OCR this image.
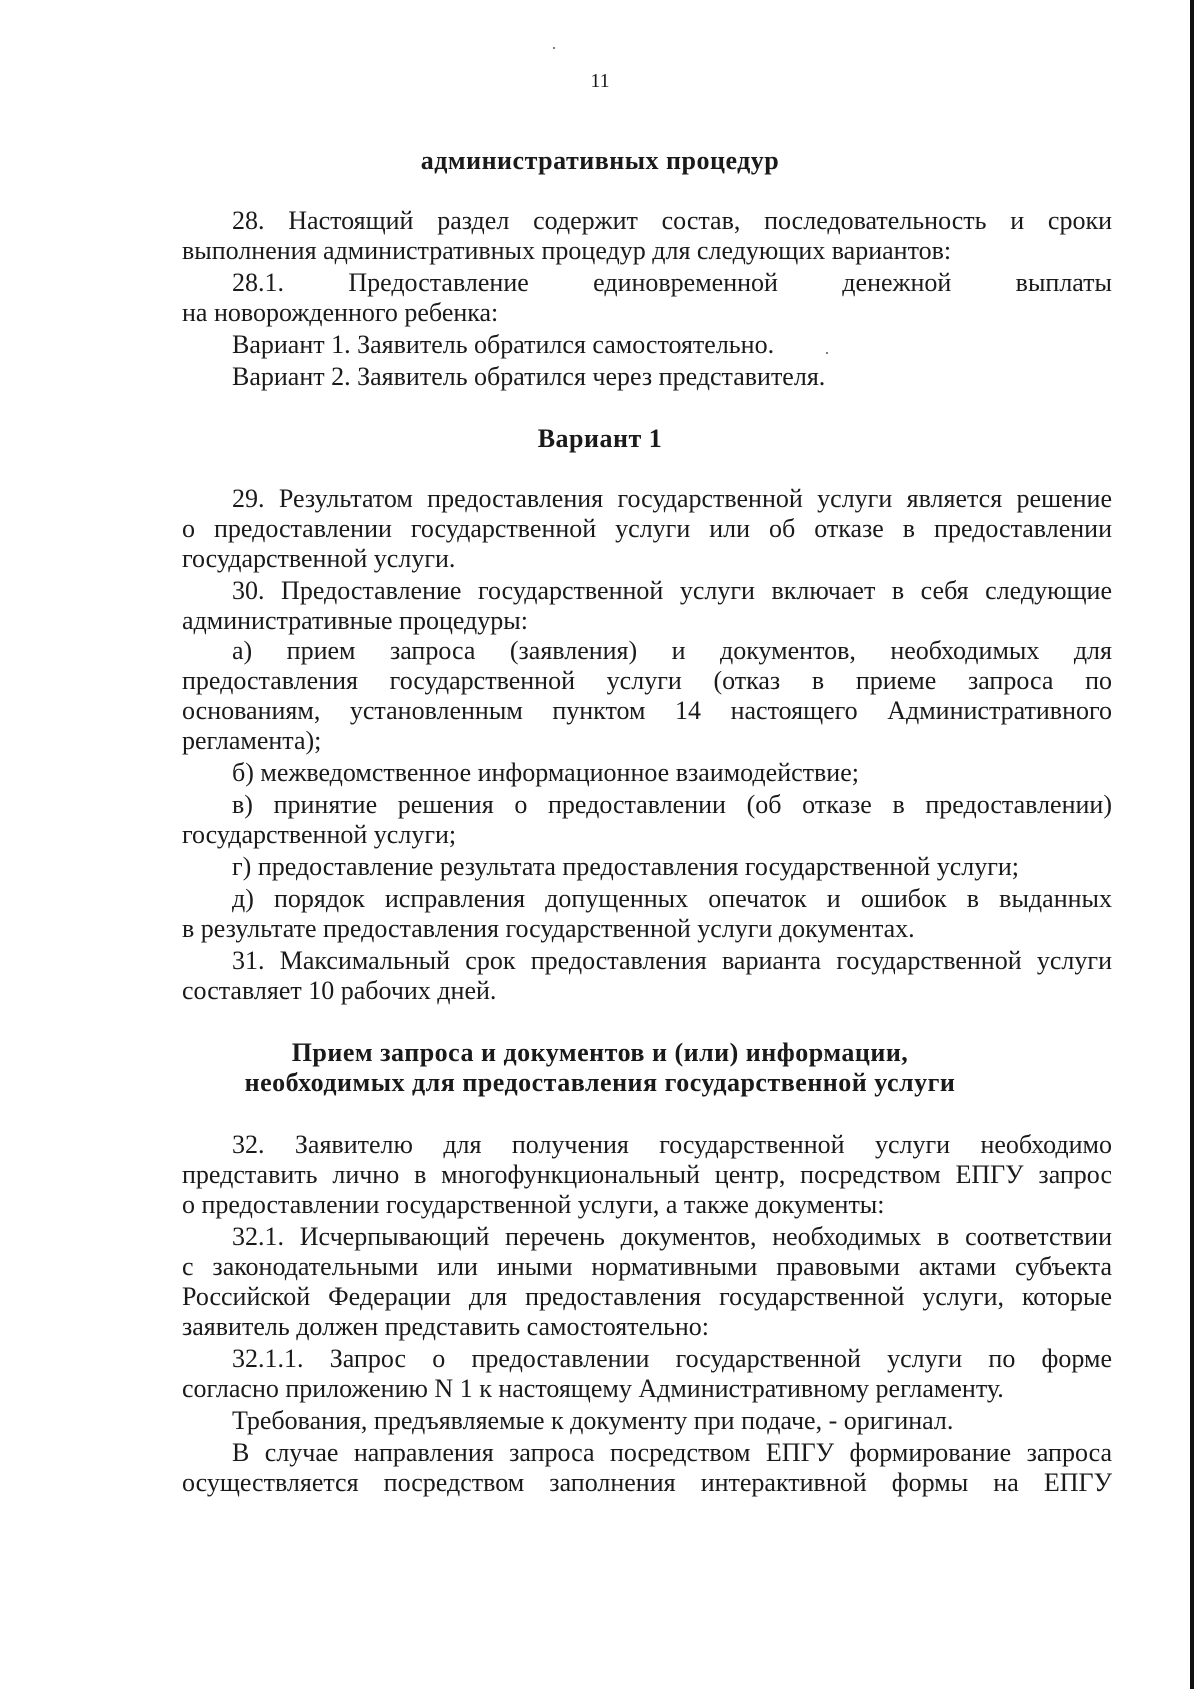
11
административных процедур
28. Настоящий раздел содержит состав, последовательность и сроки
выполнения административных процедур для следующих вариантов:
28.1. Предоставление единовременной денежной выплаты
на новорожденного ребенка:
Вариант 1. Заявитель обратился самостоятельно.
Вариант 2. Заявитель обратился через представителя.
Вариант 1
29. Результатом предоставления государственной услуги является решение
о предоставлении государственной услуги или об отказе в предоставлении
государственной услуги.
30. Предоставление государственной услуги включает в себя следующие
административные процедуры:
а) прием запроса (заявления) и документов, необходимых для
предоставления государственной услуги (отказ в приеме запроса по
основаниям, установленным пунктом 14 настоящего Административного
регламента);
б) межведомственное информационное взаимодействие;
в) принятие решения о предоставлении (об отказе в предоставлении)
государственной услуги;
г) предоставление результата предоставления государственной услуги;
д) порядок исправления допущенных опечаток и ошибок в выданных
в результате предоставления государственной услуги документах.
31. Максимальный срок предоставления варианта государственной услуги
составляет 10 рабочих дней.
Прием запроса и документов и (или) информации,
необходимых для предоставления государственной услуги
32. Заявителю для получения государственной услуги необходимо
представить лично в многофункциональный центр, посредством ЕПГУ запрос
о предоставлении государственной услуги, а также документы:
32.1. Исчерпывающий перечень документов, необходимых в соответствии
с законодательными или иными нормативными правовыми актами субъекта
Российской Федерации для предоставления государственной услуги, которые
заявитель должен представить самостоятельно:
32.1.1. Запрос о предоставлении государственной услуги по форме
согласно приложению N 1 к настоящему Административному регламенту.
Требования, предъявляемые к документу при подаче, - оригинал.
В случае направления запроса посредством ЕПГУ формирование запроса
осуществляется посредством заполнения интерактивной формы на ЕПГУ
